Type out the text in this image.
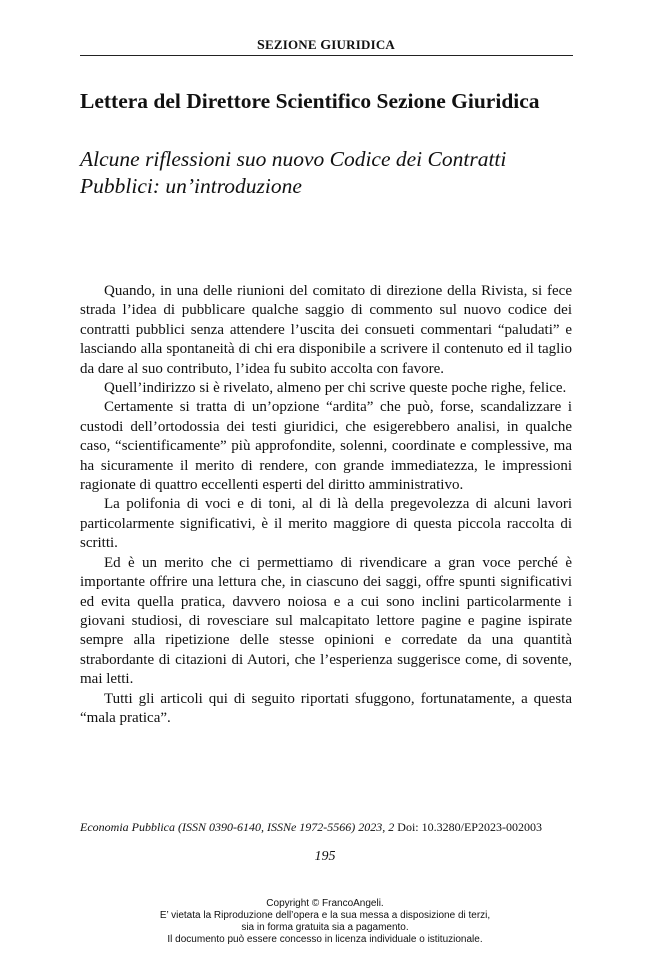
SEZIONE GIURIDICA
Lettera del Direttore Scientifico Sezione Giuridica
Alcune riflessioni suo nuovo Codice dei Contratti Pubblici: un’introduzione

Quando, in una delle riunioni del comitato di direzione della Rivista, si fece strada l’idea di pubblicare qualche saggio di commento sul nuovo codice dei contratti pubblici senza attendere l’uscita dei consueti commentari “paludati” e lasciando alla spontaneità di chi era disponibile a scrivere il contenuto ed il taglio da dare al suo contributo, l’idea fu subito accolta con favore.

Quell’indirizzo si è rivelato, almeno per chi scrive queste poche righe, felice.

Certamente si tratta di un’opzione “ardita” che può, forse, scandalizzare i custodi dell’ortodossia dei testi giuridici, che esigerebbero analisi, in qualche caso, “scientificamente” più approfondite, solenni, coordinate e complessive, ma ha sicuramente il merito di rendere, con grande immediatezza, le impressioni ragionate di quattro eccellenti esperti del diritto amministrativo.

La polifonia di voci e di toni, al di là della pregevolezza di alcuni lavori particolarmente significativi, è il merito maggiore di questa piccola raccolta di scritti.

Ed è un merito che ci permettiamo di rivendicare a gran voce perché è importante offrire una lettura che, in ciascuno dei saggi, offre spunti significativi ed evita quella pratica, davvero noiosa e a cui sono inclini particolarmente i giovani studiosi, di rovesciare sul malcapitato lettore pagine e pagine ispirate sempre alla ripetizione delle stesse opinioni e corredate da una quantità strabordante di citazioni di Autori, che l’esperienza suggerisce come, di sovente, mai letti.

Tutti gli articoli qui di seguito riportati sfuggono, fortunatamente, a questa “mala pratica”.

Economia Pubblica (ISSN 0390-6140, ISSNe 1972-5566) 2023, 2 Doi: 10.3280/EP2023-002003
195
Copyright © FrancoAngeli.
E’ vietata la Riproduzione dell’opera e la sua messa a disposizione di terzi,
sia in forma gratuita sia a pagamento.
Il documento può essere concesso in licenza individuale o istituzionale.
